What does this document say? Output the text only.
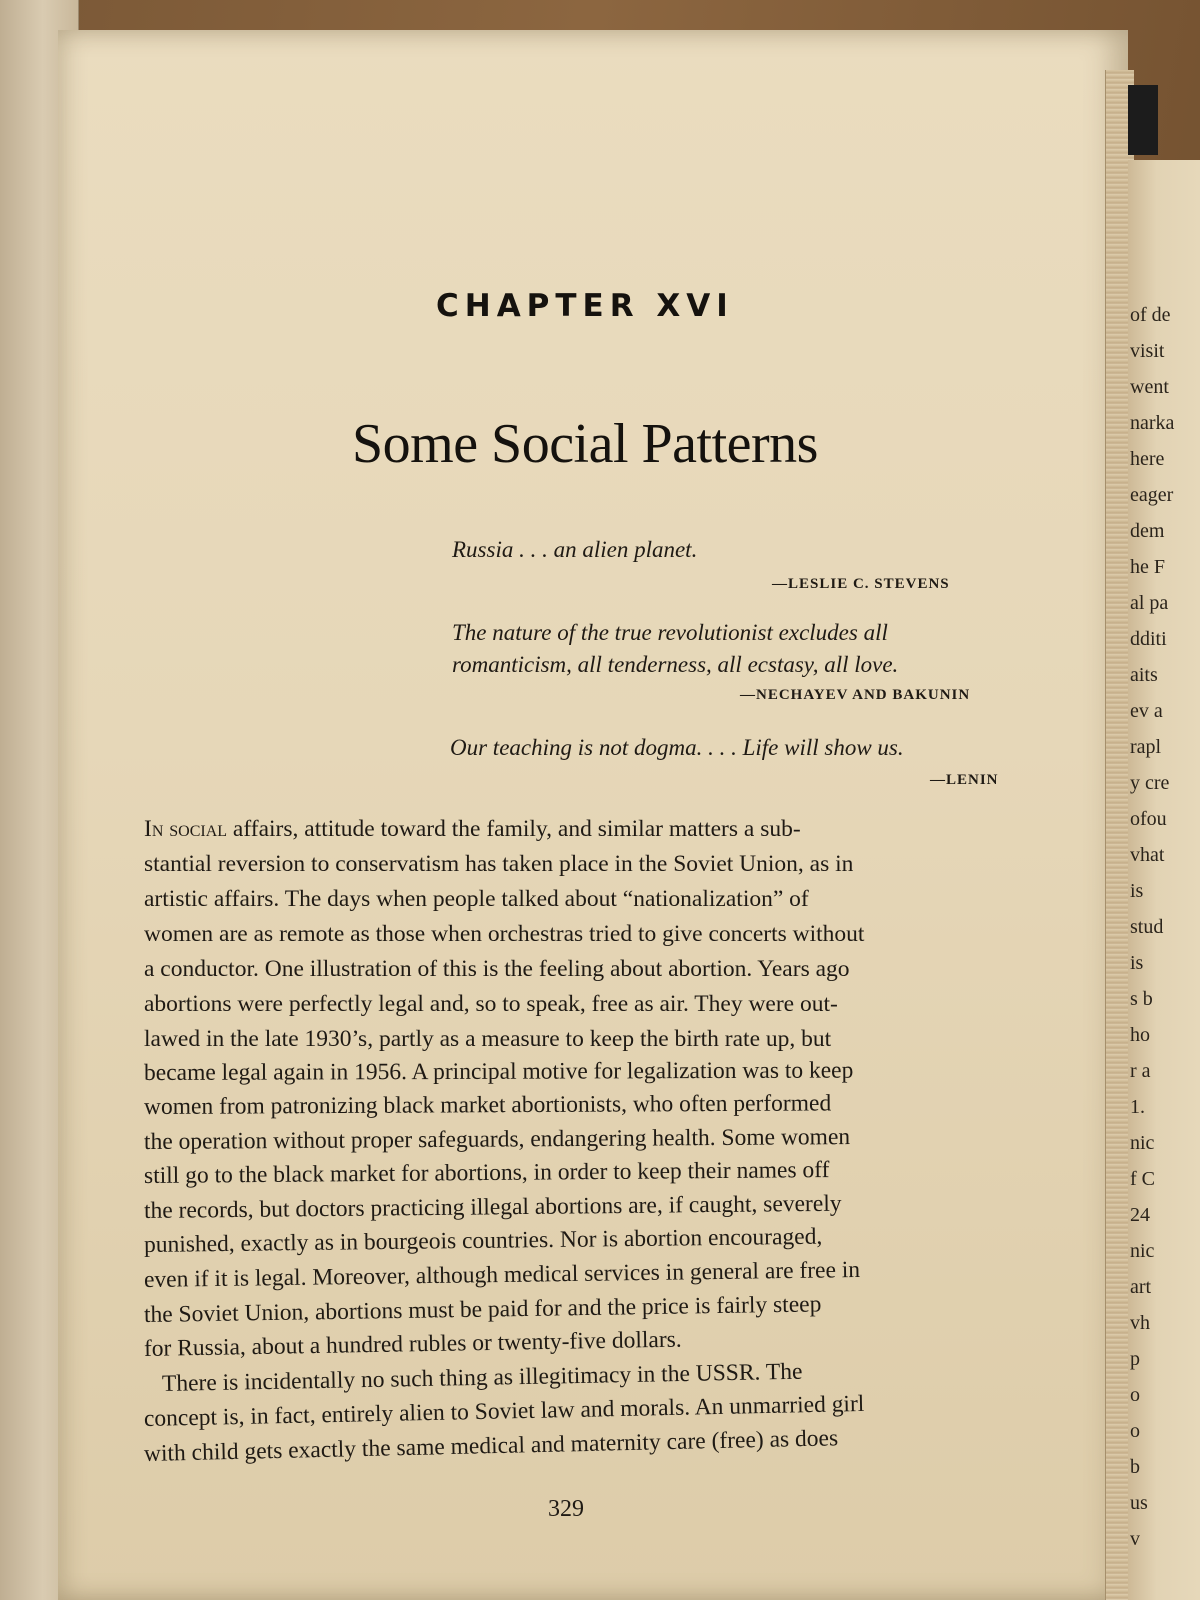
of de
visit
went
narka
here
eager
dem
he F
al pa
dditi
aits
ev a
rapl
y cre
ofou
vhat
is
stud
is
s b
ho
r a
1.
nic
f C
24
nic
art
vh
p
o
o
b
us
v
CHAPTER XVI
Some Social Patterns
Russia . . . an alien planet.
—LESLIE C. STEVENS
The nature of the true revolutionist excludes all
romanticism, all tenderness, all ecstasy, all love.
—NECHAYEV AND BAKUNIN
Our teaching is not dogma. . . . Life will show us.
—LENIN
In social affairs, attitude toward the family, and similar matters a sub-
stantial reversion to conservatism has taken place in the Soviet Union, as in
artistic affairs. The days when people talked about “nationalization” of
women are as remote as those when orchestras tried to give concerts without
a conductor. One illustration of this is the feeling about abortion. Years ago
abortions were perfectly legal and, so to speak, free as air. They were out-
lawed in the late 1930’s, partly as a measure to keep the birth rate up, but
became legal again in 1956. A principal motive for legalization was to keep
women from patronizing black market abortionists, who often performed
the operation without proper safeguards, endangering health. Some women
still go to the black market for abortions, in order to keep their names off
the records, but doctors practicing illegal abortions are, if caught, severely
punished, exactly as in bourgeois countries. Nor is abortion encouraged,
even if it is legal. Moreover, although medical services in general are free in
the Soviet Union, abortions must be paid for and the price is fairly steep
for Russia, about a hundred rubles or twenty-five dollars.
There is incidentally no such thing as illegitimacy in the USSR. The
concept is, in fact, entirely alien to Soviet law and morals. An unmarried girl
with child gets exactly the same medical and maternity care (free) as does
329
